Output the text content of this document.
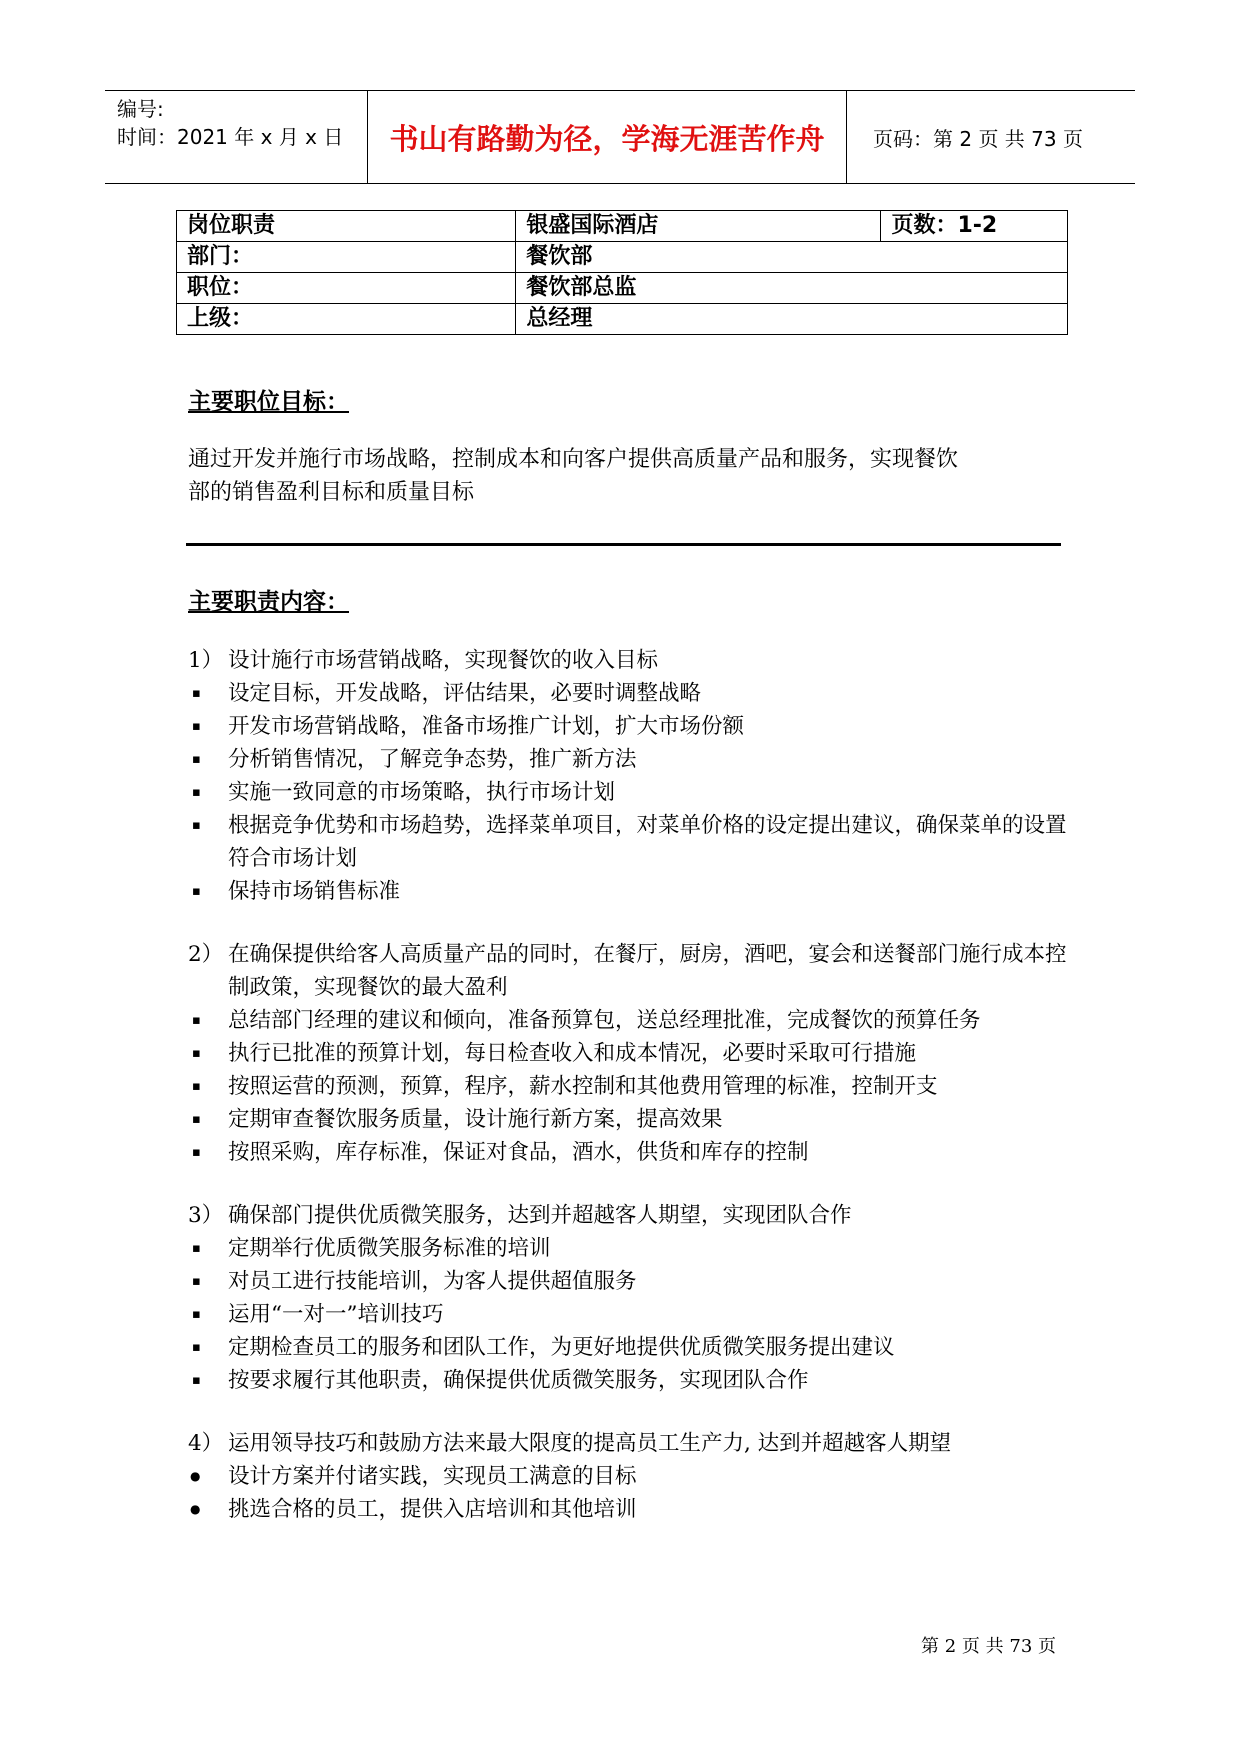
编号:
时间：2021 年 x 月 x 日	书山有路勤为径，学海无涯苦作舟	页码：第 2 页 共 73 页
岗位职责	银盛国际酒店	页数：1-2
部门：	餐饮部	
职位：	餐饮部总监	
上级：	总经理	
主要职位目标：
通过开发并施行市场战略，控制成本和向客户提供高质量产品和服务，实现餐饮
部的销售盈利目标和质量目标
主要职责内容：
1） 设计施行市场营销战略，实现餐饮的收入目标
▪ 设定目标，开发战略，评估结果，必要时调整战略
▪ 开发市场营销战略，准备市场推广计划，扩大市场份额
▪ 分析销售情况，了解竞争态势，推广新方法
▪ 实施一致同意的市场策略，执行市场计划
▪ 根据竞争优势和市场趋势，选择菜单项目，对菜单价格的设定提出建议，确保菜单的设置符合市场计划
▪ 保持市场销售标准
2） 在确保提供给客人高质量产品的同时，在餐厅，厨房，酒吧，宴会和送餐部门施行成本控制政策，实现餐饮的最大盈利
▪ 总结部门经理的建议和倾向，准备预算包，送总经理批准，完成餐饮的预算任务
▪ 执行已批准的预算计划，每日检查收入和成本情况，必要时采取可行措施
▪ 按照运营的预测，预算，程序，薪水控制和其他费用管理的标准，控制开支
▪ 定期审查餐饮服务质量，设计施行新方案，提高效果
▪ 按照采购，库存标准，保证对食品，酒水，供货和库存的控制
3） 确保部门提供优质微笑服务，达到并超越客人期望，实现团队合作
▪ 定期举行优质微笑服务标准的培训
▪ 对员工进行技能培训，为客人提供超值服务
▪ 运用“一对一”培训技巧
▪ 定期检查员工的服务和团队工作，为更好地提供优质微笑服务提出建议
▪ 按要求履行其他职责，确保提供优质微笑服务，实现团队合作
4） 运用领导技巧和鼓励方法来最大限度的提高员工生产力, 达到并超越客人期望
● 设计方案并付诸实践，实现员工满意的目标
● 挑选合格的员工，提供入店培训和其他培训
第 2 页 共 73 页
